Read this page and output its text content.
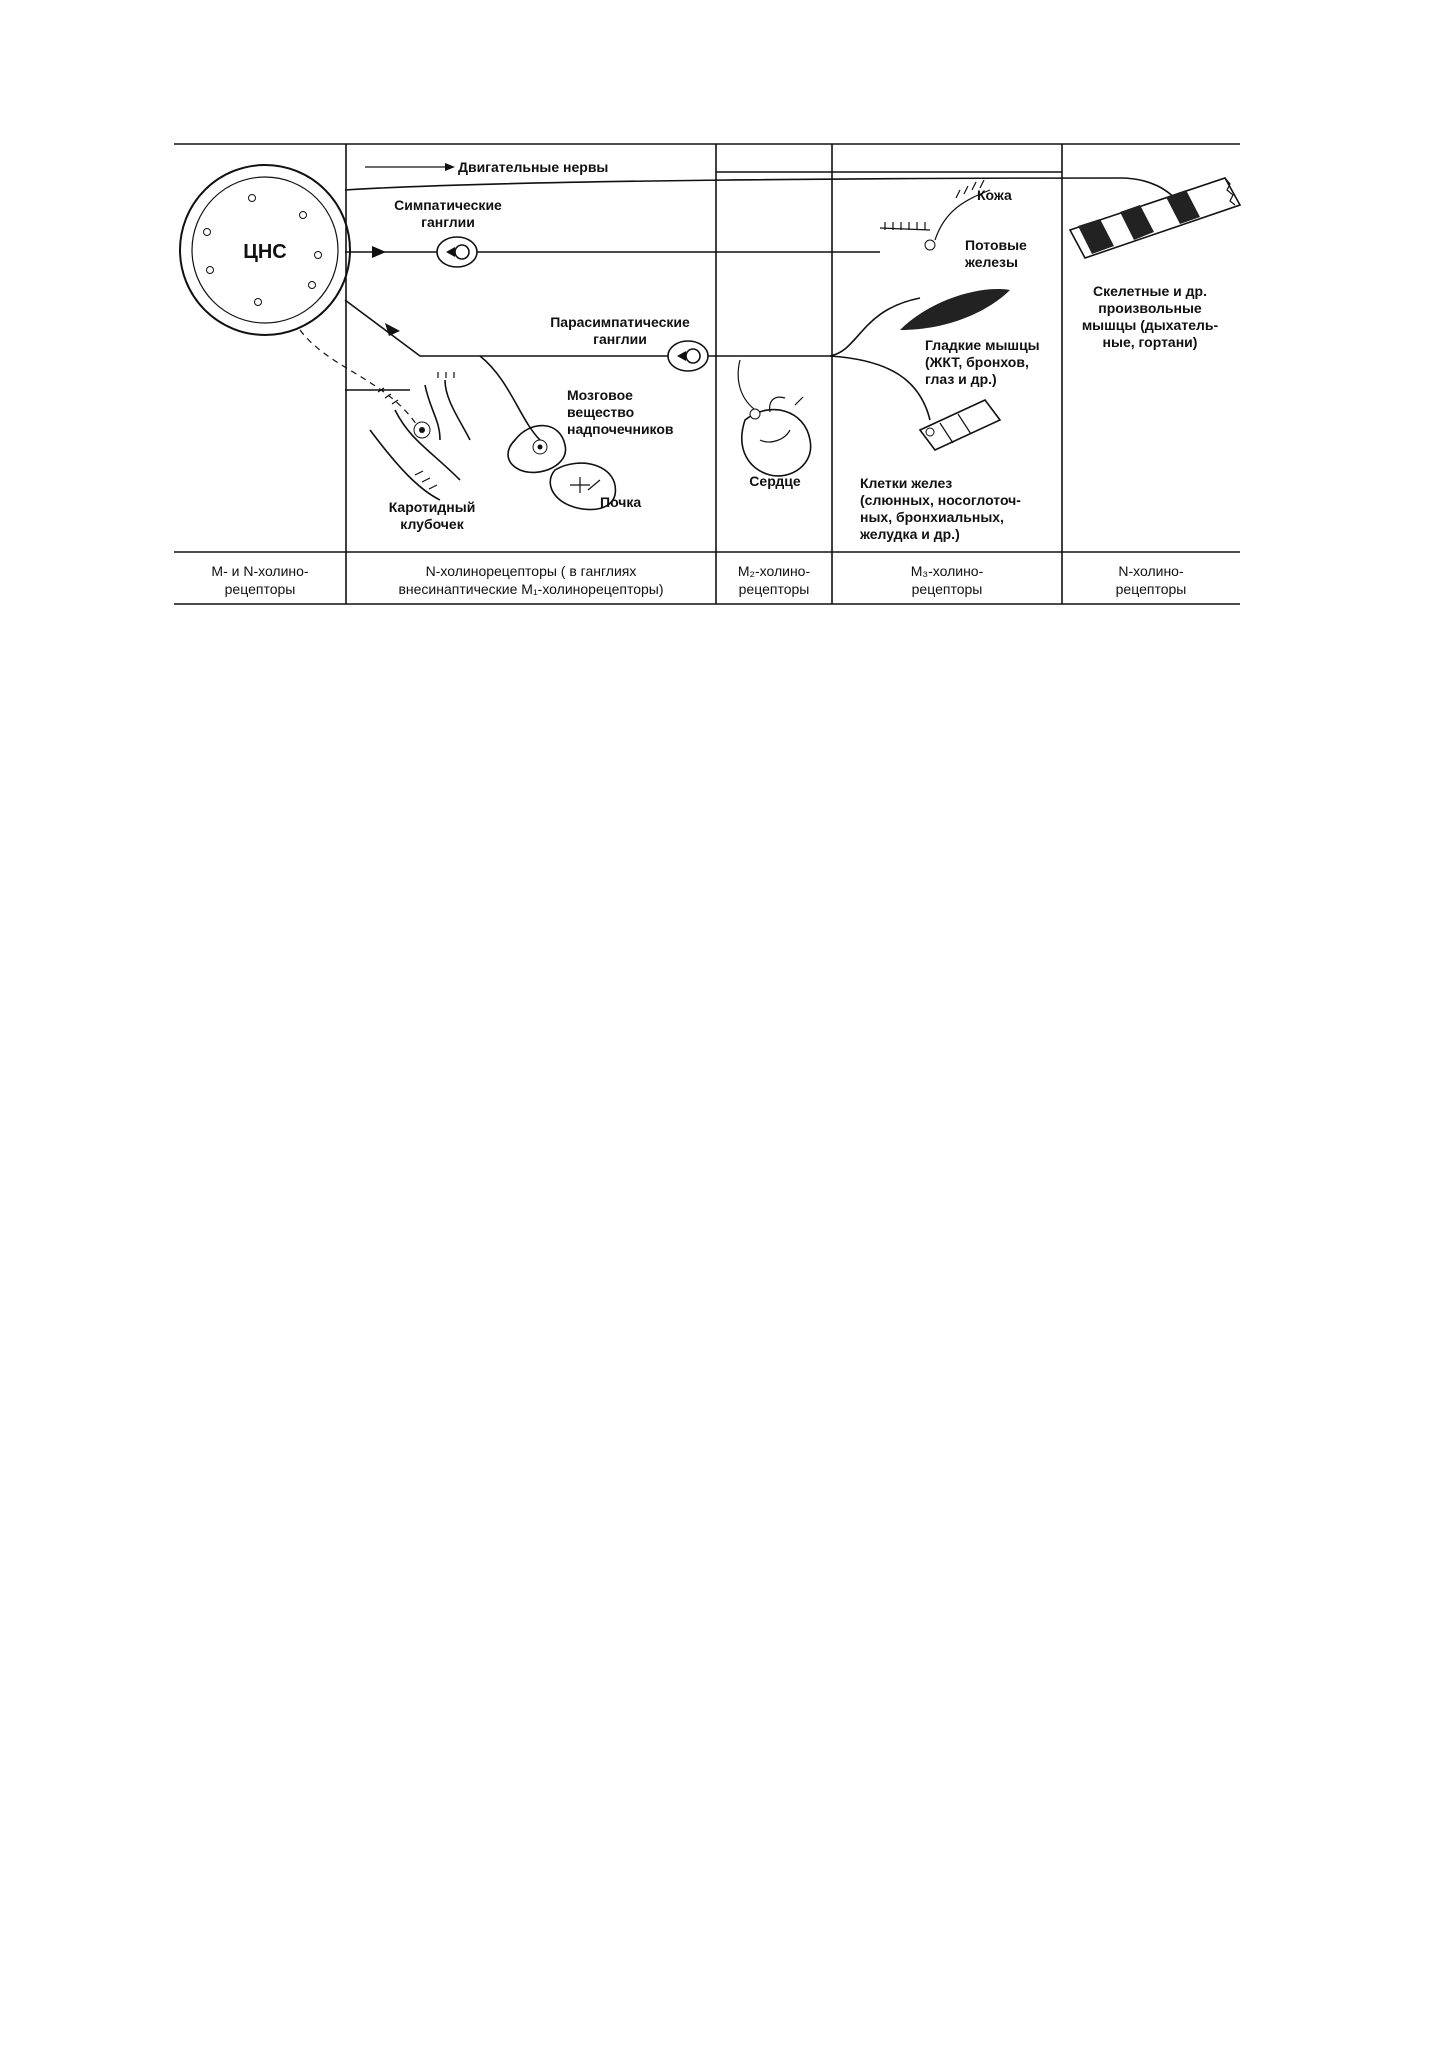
Двигательные нервы
ЦНС
Симпатические
ганглии
Парасимпатические
ганглии
Кожа
Потовые
железы
Гладкие мышцы
(ЖКТ, бронхов,
глаз и др.)
Клетки желез
(слюнных, носоглоточ-
ных, бронхиальных,
желудка и др.)
Скелетные и др.
произвольные
мышцы (дыхатель-
ные, гортани)
Каротидный
клубочек
Мозговое
вещество
надпочечников
Почка
Сердце
М- и N-холино-
рецепторы
N-холинорецепторы ( в ганглиях
внесинаптические М₁-холинорецепторы)
М₂-холино-
рецепторы
М₃-холино-
рецепторы
N-холино-
рецепторы
